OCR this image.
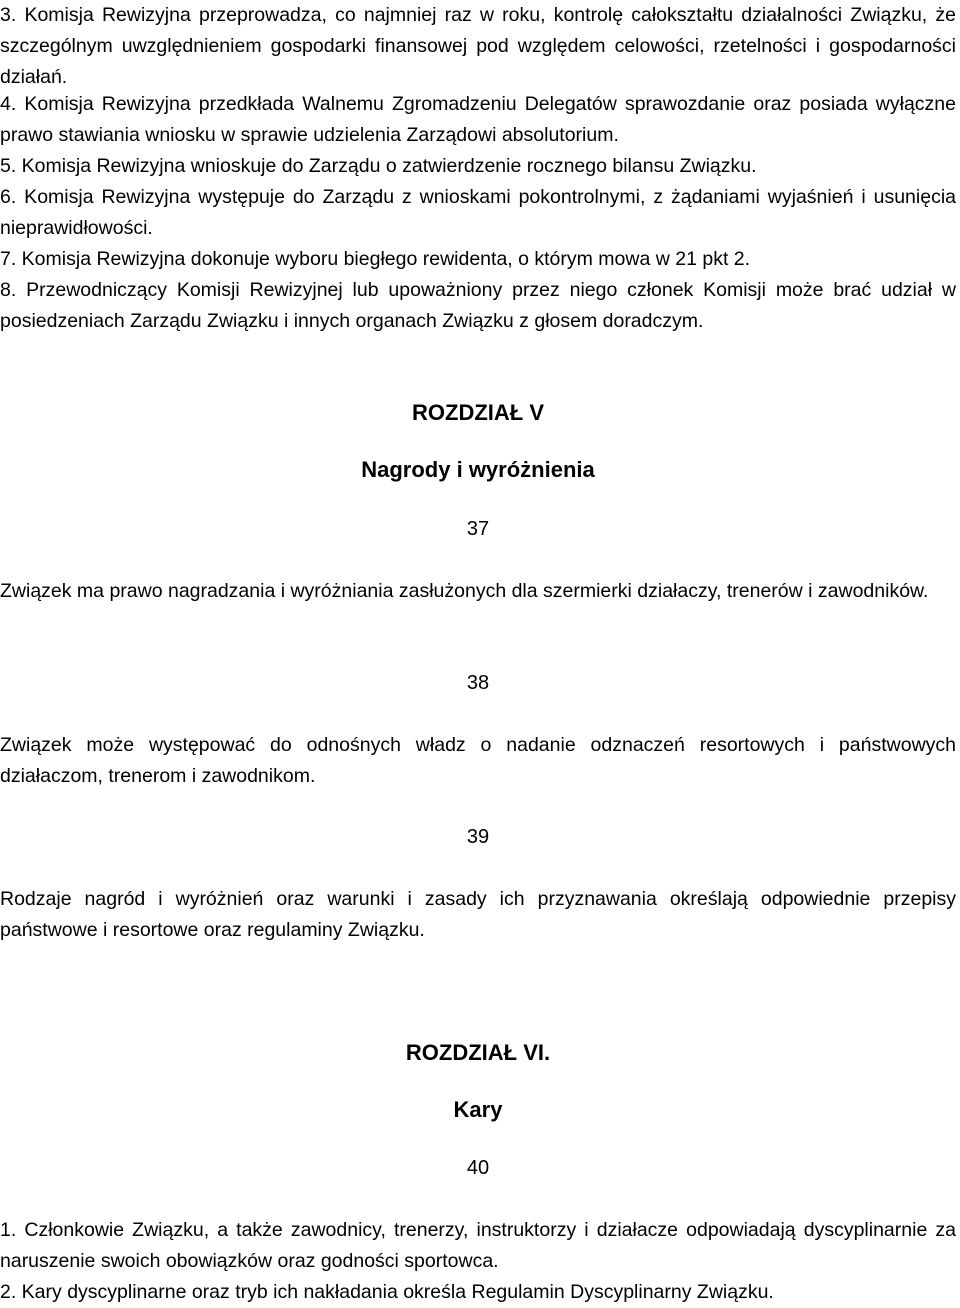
3. Komisja Rewizyjna przeprowadza, co najmniej raz w roku, kontrolę całokształtu działalności Związku, że szczególnym uwzględnieniem gospodarki finansowej pod względem celowości, rzetelności i gospodarności działań.

4. Komisja Rewizyjna przedkłada Walnemu Zgromadzeniu Delegatów sprawozdanie oraz posiada wyłączne prawo stawiania wniosku w sprawie udzielenia Zarządowi absolutorium.

5. Komisja Rewizyjna wnioskuje do Zarządu o zatwierdzenie rocznego bilansu Związku.

6. Komisja Rewizyjna występuje do Zarządu z wnioskami pokontrolnymi, z żądaniami wyjaśnień i usunięcia nieprawidłowości.

7. Komisja Rewizyjna dokonuje wyboru biegłego rewidenta, o którym mowa w 21 pkt 2.

8. Przewodniczący Komisji Rewizyjnej lub upoważniony przez niego członek Komisji może brać udział w posiedzeniach Zarządu Związku i innych organach Związku z głosem doradczym.

ROZDZIAŁ V

Nagrody i wyróżnienia

37

Związek ma prawo nagradzania i wyróżniania zasłużonych dla szermierki działaczy, trenerów i zawodników.

38

Związek może występować do odnośnych władz o nadanie odznaczeń resortowych i państwowych działaczom, trenerom i zawodnikom.

39

Rodzaje nagród i wyróżnień oraz warunki i zasady ich przyznawania określają odpowiednie przepisy państwowe i resortowe oraz regulaminy Związku.

ROZDZIAŁ VI.

Kary

40

1. Członkowie Związku, a także zawodnicy, trenerzy, instruktorzy i działacze odpowiadają dyscyplinarnie za naruszenie swoich obowiązków oraz godności sportowca.

2. Kary dyscyplinarne oraz tryb ich nakładania określa Regulamin Dyscyplinarny Związku.
